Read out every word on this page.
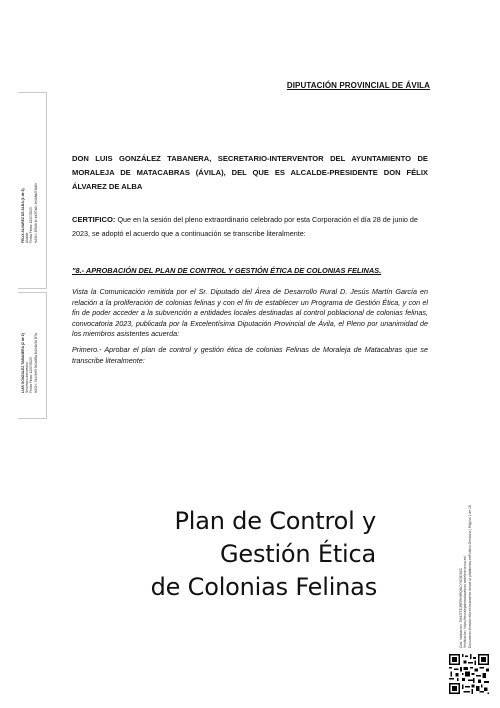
FELIX ALVAREZ DE ALBA (1 de 2)
Alcalde
Fecha Firma: 12/07/2023
HASH: 2f5b6c1e 4d3f7a0c 9e1b8a2f 6d0e
LUIS GONZALEZ TABANERA (2 de 2)
Secretario-Interventor
Fecha Firma: 12/07/2023
HASH: 7a1c3e5f 9b2d4f6a 8c0e1b3d 5f7a
Cód. Validación: 7M4J7TEJRFRH9PQNCY5C9D9ZC
Verificación: https://moralejadematacabras.sedelectronica.es/
Documento firmado electrónicamente desde la plataforma esPublico Gestiona | Página 1 de 18
DIPUTACIÓN PROVINCIAL DE ÁVILA
DON LUIS GONZÁLEZ TABANERA, SECRETARIO-INTERVENTOR DEL AYUNTAMIENTO DE MORALEJA DE MATACABRAS (ÁVILA), DEL QUE ES ALCALDE-PRESIDENTE DON FÉLIX ÁLVAREZ DE ALBA
CERTIFICO: Que en la sesión del pleno extraordinario celebrado por esta Corporación el día 28 de junio de 2023, se adoptó el acuerdo que a continuación se transcribe literalmente:
"8.- APROBACIÓN DEL PLAN DE CONTROL Y GESTIÓN ÉTICA DE COLONIAS FELINAS.
Vista la Comunicación remitida por el Sr. Diputado del Área de Desarrollo Rural D. Jesús Martín García en relación a la proliferación de colonias felinas y con el fin de establecer un Programa de Gestión Ética, y con el fin de poder acceder a la subvención a entidades locales destinadas al control poblacional de colonias felinas, convocatoria 2023, publicada por la Excelentísima Diputación Provincial de Ávila, el Pleno por unanimidad de los miembros asistentes acuerda:
Primero.- Aprobar el plan de control y gestión ética de colonias Felinas de Moraleja de Matacabras que se transcribe literalmente:
Plan de Control y
Gestión Ética
de Colonias Felinas
